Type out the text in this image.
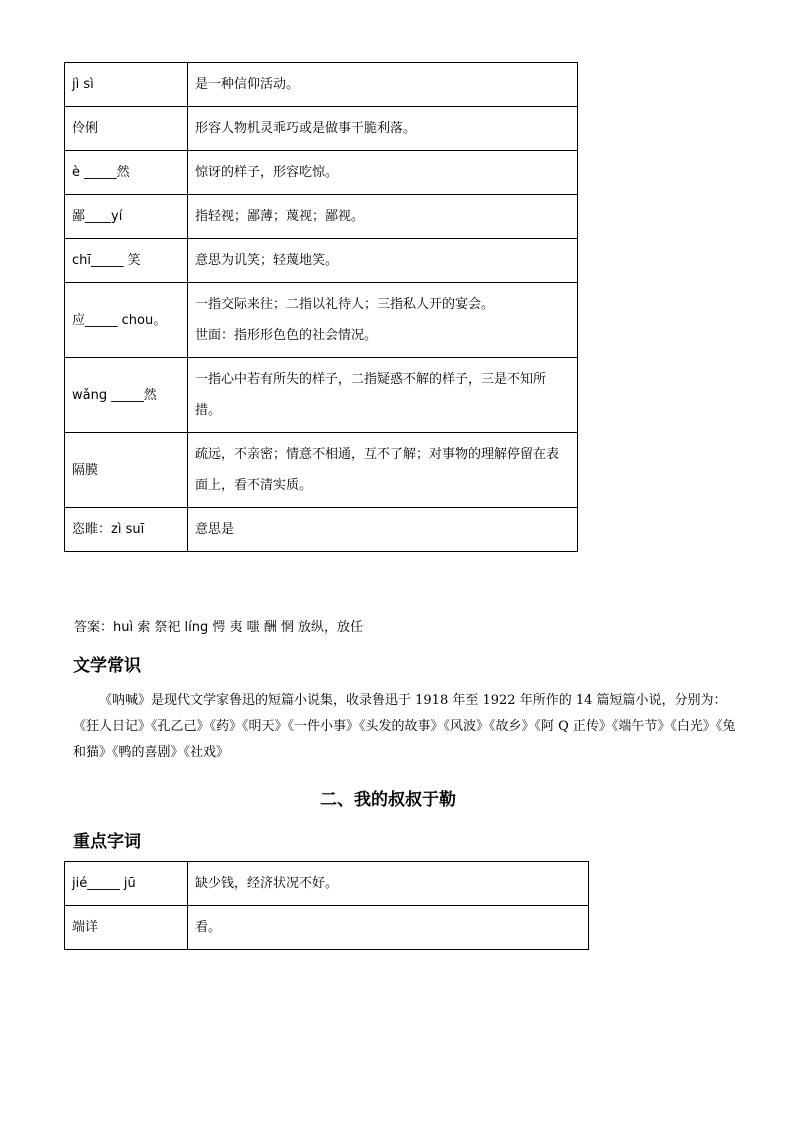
jì sì	是一种信仰活动。

伶俐	形容人物机灵乖巧或是做事干脆利落。

è _____然	惊讶的样子，形容吃惊。

鄙____yí	指轻视；鄙薄；蔑视；鄙视。

chī_____ 笑	意思为讥笑；轻蔑地笑。

应_____ chou。	一指交际来往；二指以礼待人；三指私人开的宴会。
世面：指形形色色的社会情况。

wǎng _____然	一指心中若有所失的样子，二指疑惑不解的样子，三是不知所措。

隔膜	疏远，不亲密；情意不相通，互不了解；对事物的理解停留在表面上，看不清实质。

恣睢：zì suī	意思是
答案：huì 索 祭祀 líng 愕 夷 嗤 酬 惘 放纵，放任
文学常识
《呐喊》是现代文学家鲁迅的短篇小说集，收录鲁迅于 1918 年至 1922 年所作的 14 篇短篇小说，分别为：《狂人日记》《孔乙己》《药》《明天》《一件小事》《头发的故事》《风波》《故乡》《阿 Q 正传》《端午节》《白光》《兔和猫》《鸭的喜剧》《社戏》
二、我的叔叔于勒
重点字词
jié_____ jū	缺少钱，经济状况不好。

端详	看。
